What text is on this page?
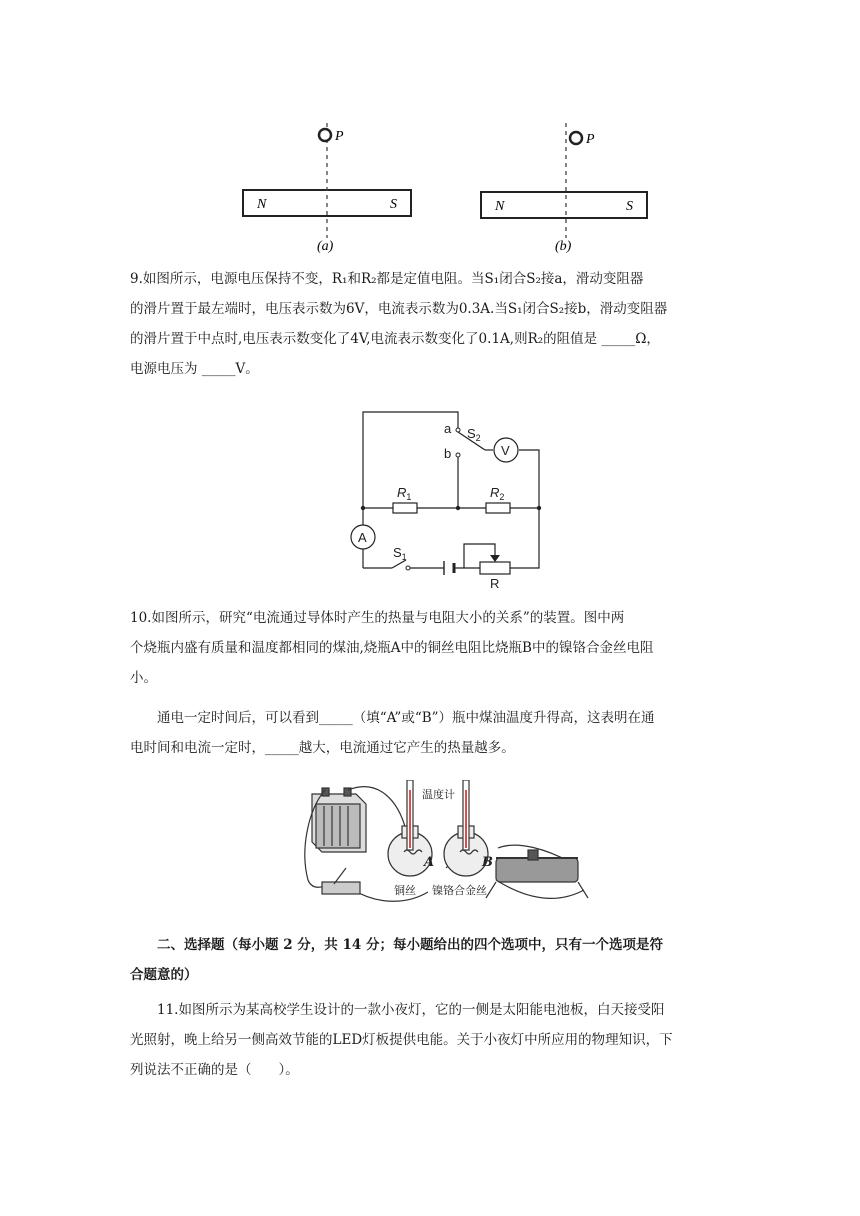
P
N	S
(a)
P
N	S
(b)
9.如图所示，电源电压保持不变，R₁和R₂都是定值电阻。当S₁闭合S₂接a，滑动变阻器
的滑片置于最左端时，电压表示数为6V，电流表示数为0.3A.当S₁闭合S₂接b，滑动变阻器
的滑片置于中点时,电压表示数变化了4V,电流表示数变化了0.1A,则R₂的阻值是 _____Ω，
电源电压为 _____V。
a
b
$S_2$
V
A
$R_1$	$R_2$
$S_1$
R
10.如图所示，研究“电流通过导体时产生的热量与电阻大小的关系”的装置。图中两
个烧瓶内盛有质量和温度都相同的煤油,烧瓶A中的铜丝电阻比烧瓶B中的镍铬合金丝电阻
小。
通电一定时间后，可以看到_____（填“A”或“B”）瓶中煤油温度升得高，这表明在通
电时间和电流一定时，_____越大，电流通过它产生的热量越多。
温度计
A	B
铜丝 镍铬合金丝
二、选择题（每小题 2 分，共 14 分；每小题给出的四个选项中，只有一个选项是符
合题意的）
11.如图所示为某高校学生设计的一款小夜灯，它的一侧是太阳能电池板，白天接受阳
光照射，晚上给另一侧高效节能的LED灯板提供电能。关于小夜灯中所应用的物理知识，下
列说法不正确的是（　　）。
